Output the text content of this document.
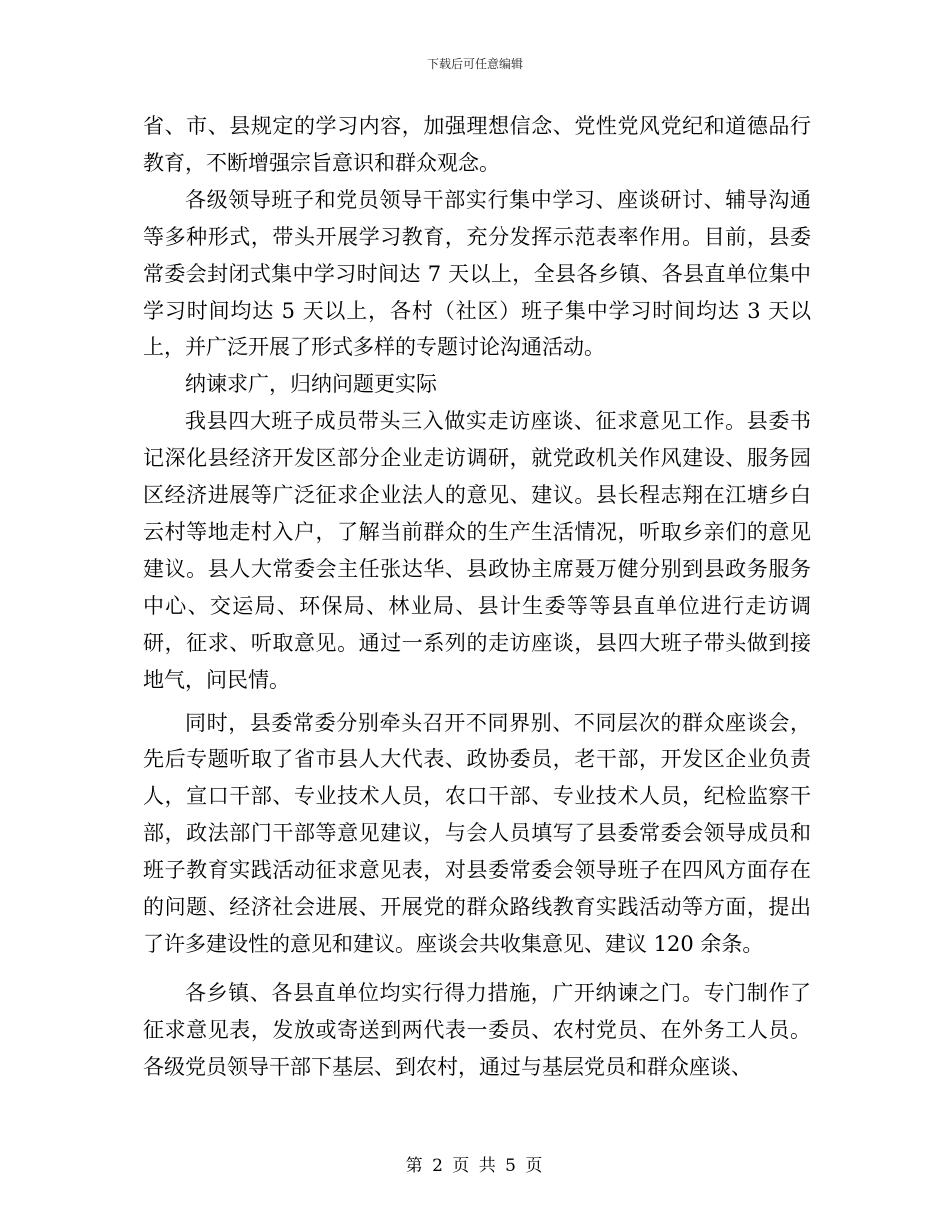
下载后可任意编辑

省、市、县规定的学习内容，加强理想信念、党性党风党纪和道德品行教育，不断增强宗旨意识和群众观念。

各级领导班子和党员领导干部实行集中学习、座谈研讨、辅导沟通等多种形式，带头开展学习教育，充分发挥示范表率作用。目前，县委常委会封闭式集中学习时间达 7 天以上，全县各乡镇、各县直单位集中学习时间均达 5 天以上，各村（社区）班子集中学习时间均达 3 天以上，并广泛开展了形式多样的专题讨论沟通活动。

纳谏求广，归纳问题更实际

我县四大班子成员带头三入做实走访座谈、征求意见工作。县委书记深化县经济开发区部分企业走访调研，就党政机关作风建设、服务园区经济进展等广泛征求企业法人的意见、建议。县长程志翔在江塘乡白云村等地走村入户，了解当前群众的生产生活情况，听取乡亲们的意见建议。县人大常委会主任张达华、县政协主席聂万健分别到县政务服务中心、交运局、环保局、林业局、县计生委等等县直单位进行走访调研，征求、听取意见。通过一系列的走访座谈，县四大班子带头做到接地气，问民情。

同时，县委常委分别牵头召开不同界别、不同层次的群众座谈会，先后专题听取了省市县人大代表、政协委员，老干部，开发区企业负责人，宣口干部、专业技术人员，农口干部、专业技术人员，纪检监察干部，政法部门干部等意见建议，与会人员填写了县委常委会领导成员和班子教育实践活动征求意见表，对县委常委会领导班子在四风方面存在的问题、经济社会进展、开展党的群众路线教育实践活动等方面，提出了许多建设性的意见和建议。座谈会共收集意见、建议 120 余条。

各乡镇、各县直单位均实行得力措施，广开纳谏之门。专门制作了征求意见表，发放或寄送到两代表一委员、农村党员、在外务工人员。各级党员领导干部下基层、到农村，通过与基层党员和群众座谈、

第 2 页 共 5 页
